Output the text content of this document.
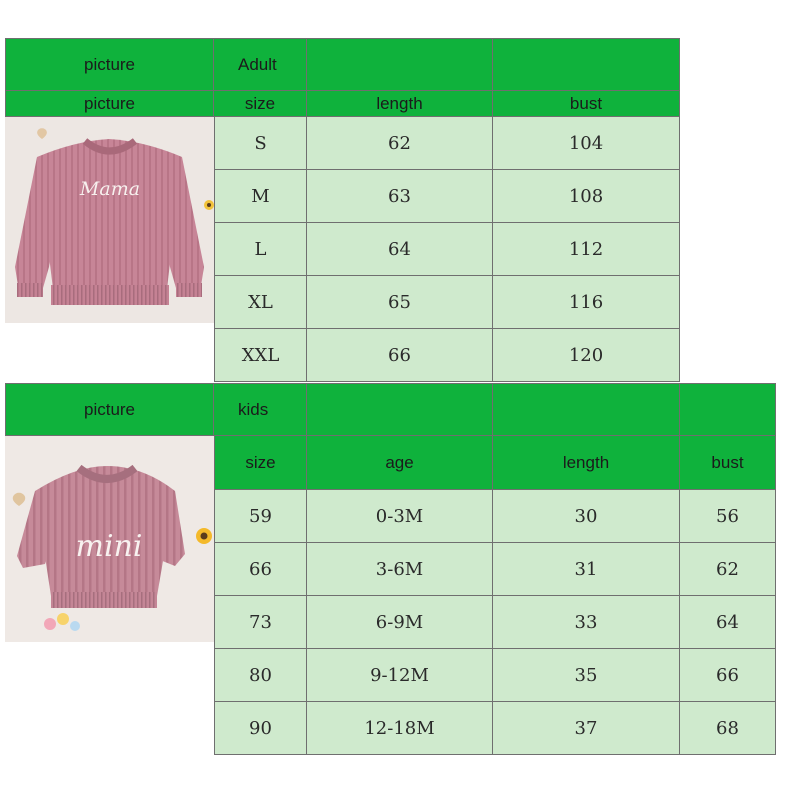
picture	Adult
picture	size	length	bust
S	62	104
M	63	108
L	64	112
XL	65	116
XXL	66	120
Mama
picture	kids
size	age	length	bust
59	0-3M	30	56
66	3-6M	31	62
73	6-9M	33	64
80	9-12M	35	66
90	12-18M	37	68
mini
